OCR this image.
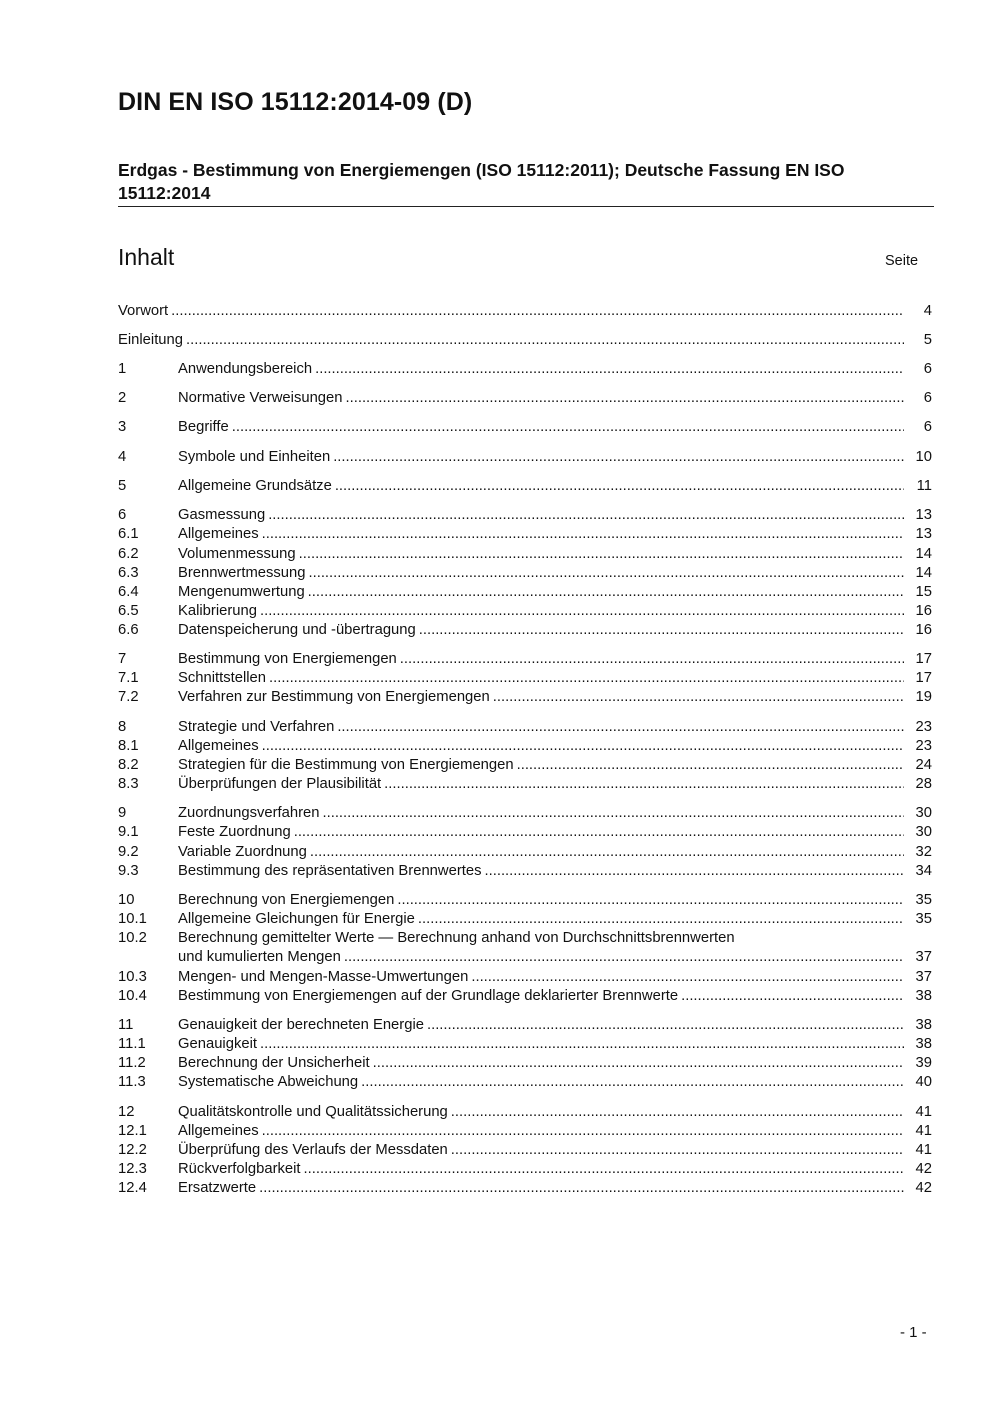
DIN EN ISO 15112:2014-09 (D)
Erdgas - Bestimmung von Energiemengen (ISO 15112:2011); Deutsche Fassung EN ISO 15112:2014
Inhalt	Seite
Vorwort .....	4
Einleitung .....	5
1	Anwendungsbereich .....	6
2	Normative Verweisungen .....	6
3	Begriffe .....	6
4	Symbole und Einheiten .....	10
5	Allgemeine Grundsätze .....	11
6	Gasmessung .....	13
6.1	Allgemeines .....	13
6.2	Volumenmessung .....	14
6.3	Brennwertmessung .....	14
6.4	Mengenumwertung .....	15
6.5	Kalibrierung .....	16
6.6	Datenspeicherung und -übertragung .....	16
7	Bestimmung von Energiemengen .....	17
7.1	Schnittstellen .....	17
7.2	Verfahren zur Bestimmung von Energiemengen .....	19
8	Strategie und Verfahren .....	23
8.1	Allgemeines .....	23
8.2	Strategien für die Bestimmung von Energiemengen .....	24
8.3	Überprüfungen der Plausibilität .....	28
9	Zuordnungsverfahren .....	30
9.1	Feste Zuordnung .....	30
9.2	Variable Zuordnung .....	32
9.3	Bestimmung des repräsentativen Brennwertes .....	34
10	Berechnung von Energiemengen .....	35
10.1 Allgemeine Gleichungen für Energie .....	35
10.2 Berechnung gemittelter Werte — Berechnung anhand von Durchschnittsbrennwerten
und kumulierten Mengen .....	37
10.3 Mengen- und Mengen-Masse-Umwertungen .....	37
10.4 Bestimmung von Energiemengen auf der Grundlage deklarierter Brennwerte .....	38
11	Genauigkeit der berechneten Energie .....	38
11.1 Genauigkeit .....	38
11.2 Berechnung der Unsicherheit .....	39
11.3 Systematische Abweichung .....	40
12	Qualitätskontrolle und Qualitätssicherung .....	41
12.1 Allgemeines .....	41
12.2 Überprüfung des Verlaufs der Messdaten .....	41
12.3 Rückverfolgbarkeit .....	42
12.4 Ersatzwerte .....	42
- 1 -
